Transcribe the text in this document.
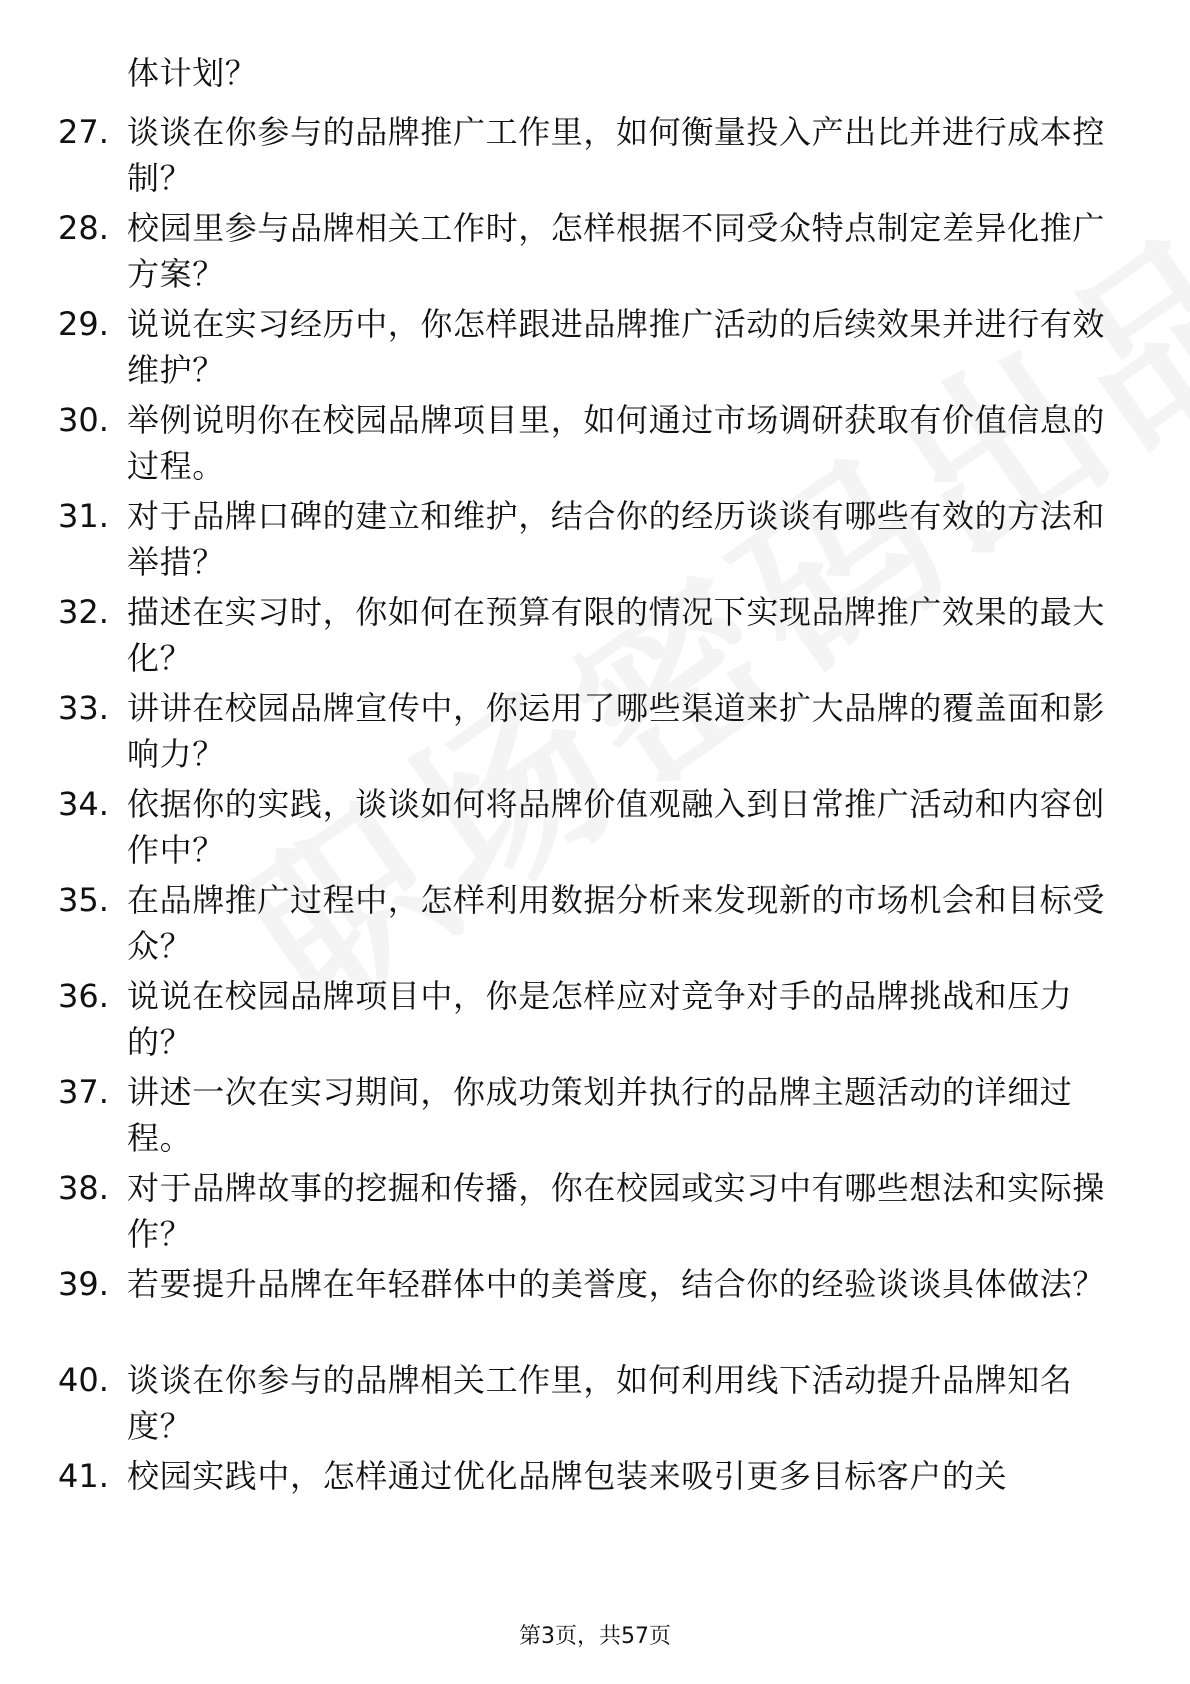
体计划？
27. 谈谈在你参与的品牌推广工作里，如何衡量投入产出比并进行成本控制？
28. 校园里参与品牌相关工作时，怎样根据不同受众特点制定差异化推广方案？
29. 说说在实习经历中，你怎样跟进品牌推广活动的后续效果并进行有效维护？
30. 举例说明你在校园品牌项目里，如何通过市场调研获取有价值信息的过程。
31. 对于品牌口碑的建立和维护，结合你的经历谈谈有哪些有效的方法和举措？
32. 描述在实习时，你如何在预算有限的情况下实现品牌推广效果的最大化？
33. 讲讲在校园品牌宣传中，你运用了哪些渠道来扩大品牌的覆盖面和影响力？
34. 依据你的实践，谈谈如何将品牌价值观融入到日常推广活动和内容创作中？
35. 在品牌推广过程中，怎样利用数据分析来发现新的市场机会和目标受众？
36. 说说在校园品牌项目中，你是怎样应对竞争对手的品牌挑战和压力的？
37. 讲述一次在实习期间，你成功策划并执行的品牌主题活动的详细过程。
38. 对于品牌故事的挖掘和传播，你在校园或实习中有哪些想法和实际操作？
39. 若要提升品牌在年轻群体中的美誉度，结合你的经验谈谈具体做法？
40. 谈谈在你参与的品牌相关工作里，如何利用线下活动提升品牌知名度？
41. 校园实践中，怎样通过优化品牌包装来吸引更多目标客户的关
第3页，共57页
